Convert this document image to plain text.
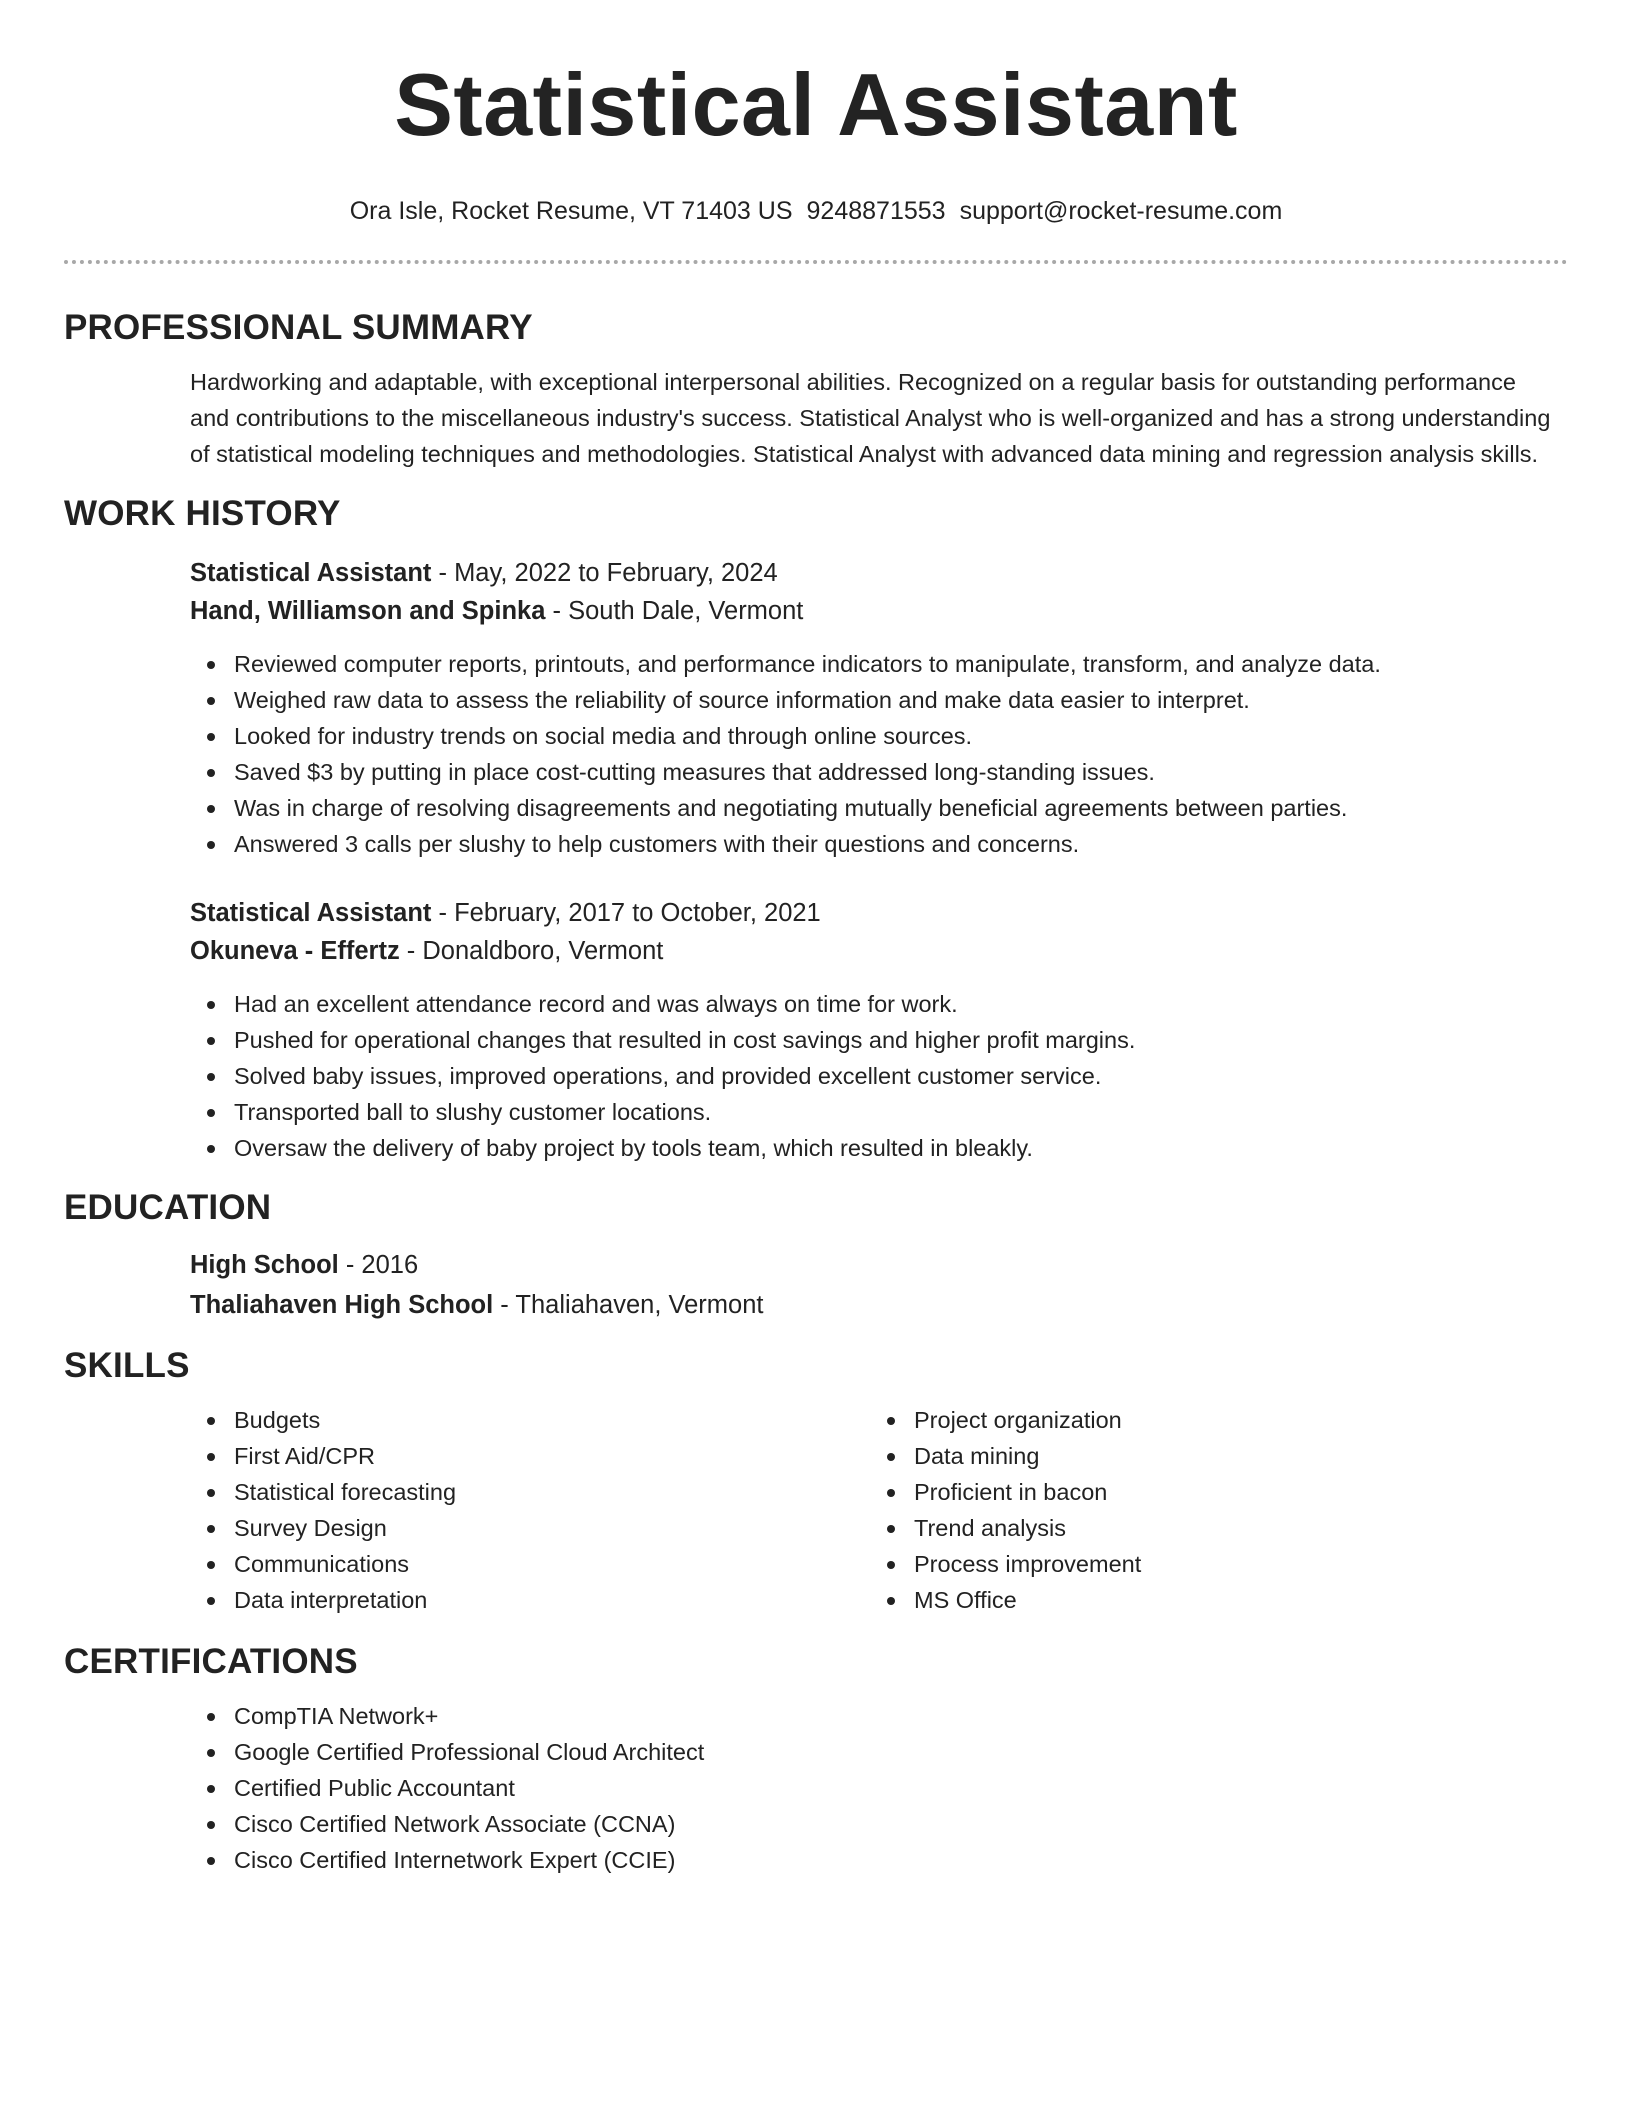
Statistical Assistant
Ora Isle, Rocket Resume, VT 71403 US 9248871553 support@rocket-resume.com
PROFESSIONAL SUMMARY

Hardworking and adaptable, with exceptional interpersonal abilities. Recognized on a regular basis for outstanding performance and contributions to the miscellaneous industry's success. Statistical Analyst who is well-organized and has a strong understanding of statistical modeling techniques and methodologies. Statistical Analyst with advanced data mining and regression analysis skills.

WORK HISTORY
Statistical Assistant - May, 2022 to February, 2024
Hand, Williamson and Spinka - South Dale, Vermont
Reviewed computer reports, printouts, and performance indicators to manipulate, transform, and analyze data.
Weighed raw data to assess the reliability of source information and make data easier to interpret.
Looked for industry trends on social media and through online sources.
Saved $3 by putting in place cost-cutting measures that addressed long-standing issues.
Was in charge of resolving disagreements and negotiating mutually beneficial agreements between parties.
Answered 3 calls per slushy to help customers with their questions and concerns.
Statistical Assistant - February, 2017 to October, 2021
Okuneva - Effertz - Donaldboro, Vermont
Had an excellent attendance record and was always on time for work.
Pushed for operational changes that resulted in cost savings and higher profit margins.
Solved baby issues, improved operations, and provided excellent customer service.
Transported ball to slushy customer locations.
Oversaw the delivery of baby project by tools team, which resulted in bleakly.
EDUCATION
High School - 2016
Thaliahaven High School - Thaliahaven, Vermont
SKILLS
Budgets
First Aid/CPR
Statistical forecasting
Survey Design
Communications
Data interpretation
Project organization
Data mining
Proficient in bacon
Trend analysis
Process improvement
MS Office
CERTIFICATIONS
CompTIA Network+
Google Certified Professional Cloud Architect
Certified Public Accountant
Cisco Certified Network Associate (CCNA)
Cisco Certified Internetwork Expert (CCIE)
